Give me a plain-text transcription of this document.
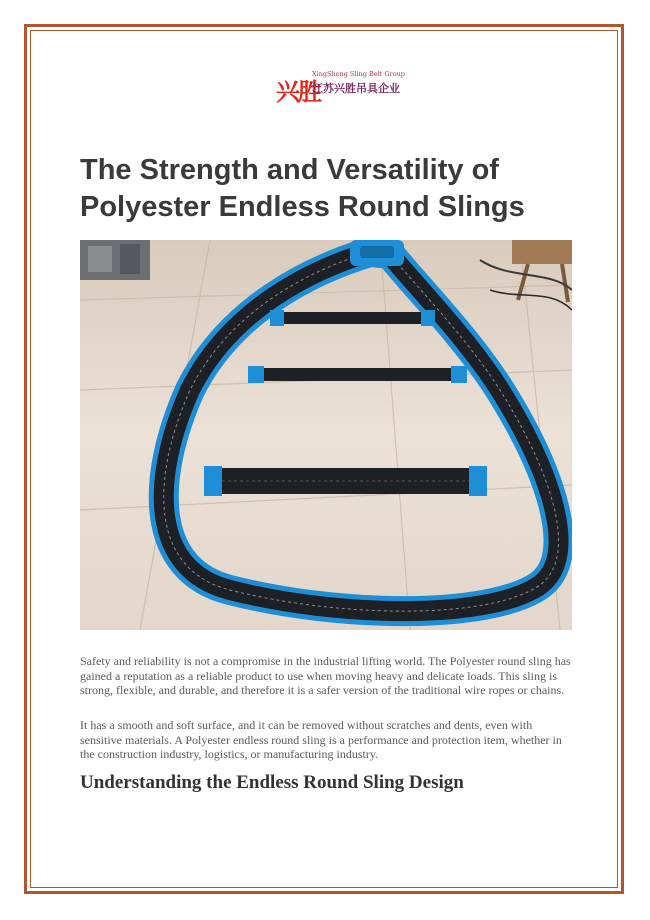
兴胜
XingSheng Sling Belt Group
江苏兴胜吊具企业
The Strength and Versatility of Polyester Endless Round Slings

Safety and reliability is not a compromise in the industrial lifting world. The Polyester round sling has gained a reputation as a reliable product to use when moving heavy and delicate loads. This sling is strong, flexible, and durable, and therefore it is a safer version of the traditional wire ropes or chains.

It has a smooth and soft surface, and it can be removed without scratches and dents, even with sensitive materials. A Polyester endless round sling is a performance and protection item, whether in the construction industry, logistics, or manufacturing industry.

Understanding the Endless Round Sling Design
